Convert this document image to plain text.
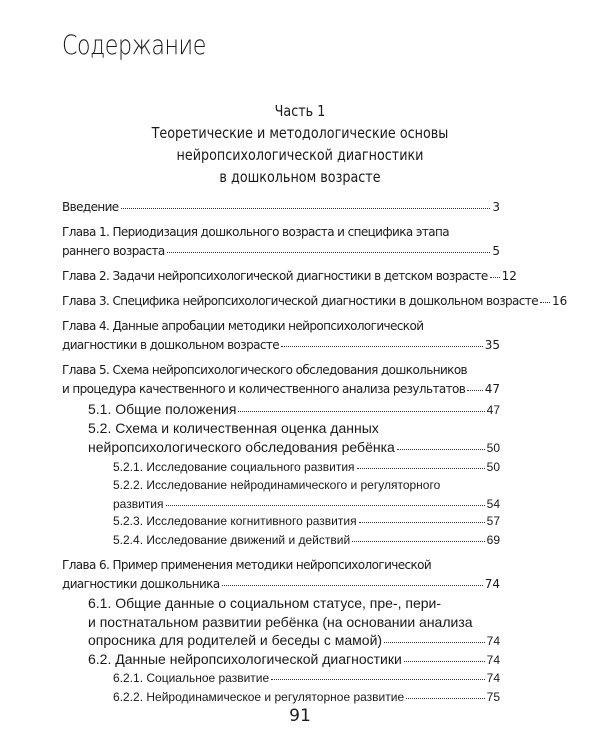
Содержание
Часть 1
Теоретические и методологические основы
нейропсихологической диагностики
в дошкольном возрасте
Введение	3
Глава 1. Периодизация дошкольного возраста и специфика этапа
раннего возраста	5
Глава 2. Задачи нейропсихологической диагностики в детском возрасте 12
Глава 3. Специфика нейропсихологической диагностики в дошкольном возрасте 16
Глава 4. Данные апробации методики нейропсихологической
диагностики в дошкольном возрасте	35
Глава 5. Схема нейропсихологического обследования дошкольников
и процедура качественного и количественного анализа результатов 47
5.1. Общие положения	47
5.2. Схема и количественная оценка данных
нейропсихологического обследования ребёнка	50
5.2.1. Исследование социального развития	50
5.2.2. Исследование нейродинамического и регуляторного
развития	54
5.2.3. Исследование когнитивного развития	57
5.2.4. Исследование движений и действий	69
Глава 6. Пример применения методики нейропсихологической
диагностики дошкольника	74
6.1. Общие данные о социальном статусе, пре-, пери-
и постнатальном развитии ребёнка (на основании анализа
опросника для родителей и беседы с мамой)	74
6.2. Данные нейропсихологической диагностики	74
6.2.1. Социальное развитие	74
6.2.2. Нейродинамическое и регуляторное развитие	75
91
